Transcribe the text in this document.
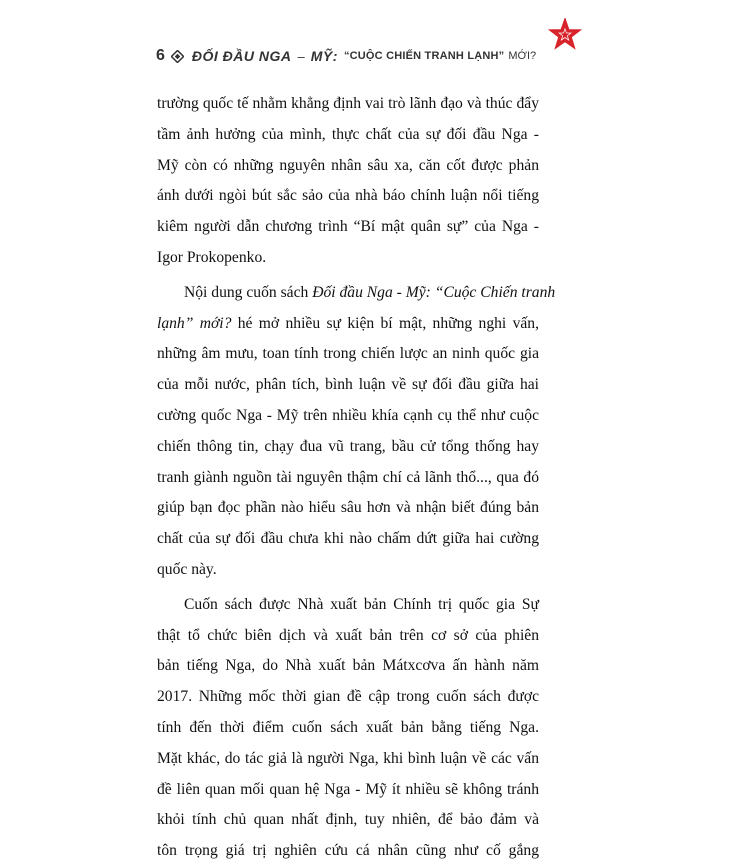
6 ĐỐI ĐẦU NGA – MỸ: “CUỘC CHIẾN TRANH LẠNH” MỚI?
trường quốc tế nhằm khẳng định vai trò lãnh đạo và thúc đẩy
tầm ảnh hưởng của mình, thực chất của sự đối đầu Nga -
Mỹ còn có những nguyên nhân sâu xa, căn cốt được phản
ánh dưới ngòi bút sắc sảo của nhà báo chính luận nổi tiếng
kiêm người dẫn chương trình “Bí mật quân sự” của Nga -
Igor Prokopenko.
Nội dung cuốn sách Đối đầu Nga - Mỹ: “Cuộc Chiến tranh
lạnh” mới? hé mở nhiều sự kiện bí mật, những nghi vấn,
những âm mưu, toan tính trong chiến lược an ninh quốc gia
của mỗi nước, phân tích, bình luận về sự đối đầu giữa hai
cường quốc Nga - Mỹ trên nhiều khía cạnh cụ thể như cuộc
chiến thông tin, chạy đua vũ trang, bầu cử tổng thống hay
tranh giành nguồn tài nguyên thậm chí cả lãnh thổ..., qua đó
giúp bạn đọc phần nào hiểu sâu hơn và nhận biết đúng bản
chất của sự đối đầu chưa khi nào chấm dứt giữa hai cường
quốc này.
Cuốn sách được Nhà xuất bản Chính trị quốc gia Sự
thật tổ chức biên dịch và xuất bản trên cơ sở của phiên
bản tiếng Nga, do Nhà xuất bản Mátxcơva ấn hành năm
2017. Những mốc thời gian đề cập trong cuốn sách được
tính đến thời điểm cuốn sách xuất bản bằng tiếng Nga.
Mặt khác, do tác giả là người Nga, khi bình luận về các vấn
đề liên quan mối quan hệ Nga - Mỹ ít nhiều sẽ không tránh
khỏi tính chủ quan nhất định, tuy nhiên, để bảo đảm và
tôn trọng giá trị nghiên cứu cá nhân cũng như cố gắng
